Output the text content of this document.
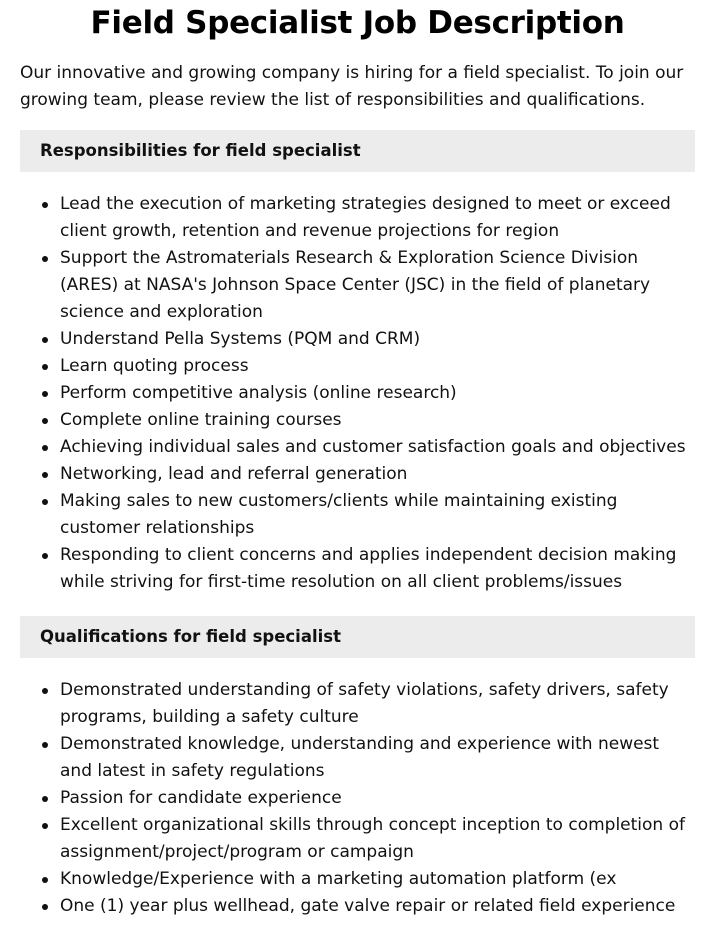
Field Specialist Job Description

Our innovative and growing company is hiring for a field specialist. To join our growing team, please review the list of responsibilities and qualifications.

Responsibilities for field specialist
Lead the execution of marketing strategies designed to meet or exceed client growth, retention and revenue projections for region
Support the Astromaterials Research & Exploration Science Division (ARES) at NASA's Johnson Space Center (JSC) in the field of planetary science and exploration
Understand Pella Systems (PQM and CRM)
Learn quoting process
Perform competitive analysis (online research)
Complete online training courses
Achieving individual sales and customer satisfaction goals and objectives
Networking, lead and referral generation
Making sales to new customers/clients while maintaining existing customer relationships
Responding to client concerns and applies independent decision making while striving for first-time resolution on all client problems/issues
Qualifications for field specialist
Demonstrated understanding of safety violations, safety drivers, safety programs, building a safety culture
Demonstrated knowledge, understanding and experience with newest and latest in safety regulations
Passion for candidate experience
Excellent organizational skills through concept inception to completion of assignment/project/program or campaign
Knowledge/Experience with a marketing automation platform (ex
One (1) year plus wellhead, gate valve repair or related field experience
